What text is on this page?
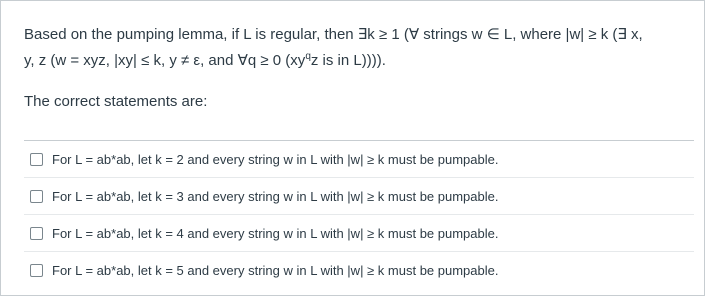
Based on the pumping lemma, if L is regular, then ∃k ≥ 1 (∀ strings w ∈ L, where |w| ≥ k (∃ x,

y, z (w = xyz, |xy| ≤ k, y ≠ ε, and ∀q ≥ 0 ($xy^qz$ is in L)))).

The correct statements are:

For L = ab*ab, let k = 2 and every string w in L with |w| ≥ k must be pumpable.
For L = ab*ab, let k = 3 and every string w in L with |w| ≥ k must be pumpable.
For L = ab*ab, let k = 4 and every string w in L with |w| ≥ k must be pumpable.
For L = ab*ab, let k = 5 and every string w in L with |w| ≥ k must be pumpable.
